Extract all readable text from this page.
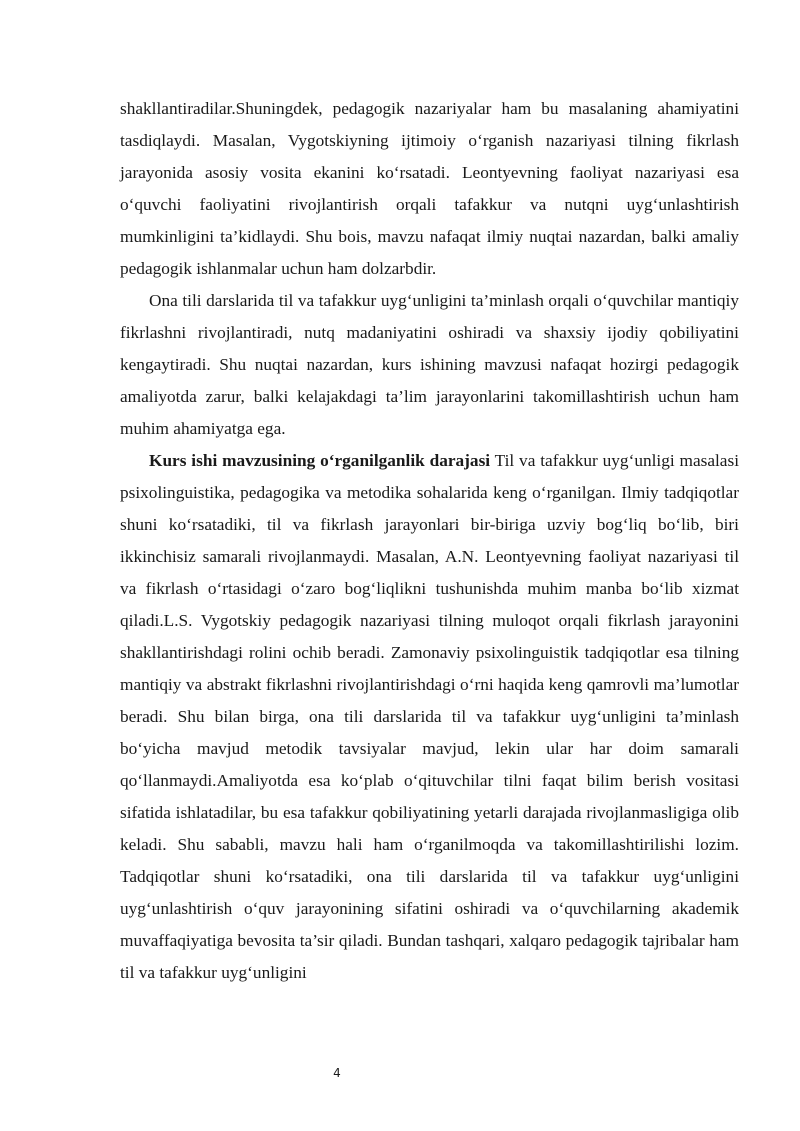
shakllantiradilar.Shuningdek, pedagogik nazariyalar ham bu masalaning ahamiyatini tasdiqlaydi. Masalan, Vygotskiyning ijtimoiy o‘rganish nazariyasi tilning fikrlash jarayonida asosiy vosita ekanini ko‘rsatadi. Leontyevning faoliyat nazariyasi esa o‘quvchi faoliyatini rivojlantirish orqali tafakkur va nutqni uyg‘unlashtirish mumkinligini ta’kidlaydi. Shu bois, mavzu nafaqat ilmiy nuqtai nazardan, balki amaliy pedagogik ishlanmalar uchun ham dolzarbdir.

Ona tili darslarida til va tafakkur uyg‘unligini ta’minlash orqali o‘quvchilar mantiqiy fikrlashni rivojlantiradi, nutq madaniyatini oshiradi va shaxsiy ijodiy qobiliyatini kengaytiradi. Shu nuqtai nazardan, kurs ishining mavzusi nafaqat hozirgi pedagogik amaliyotda zarur, balki kelajakdagi ta’lim jarayonlarini takomillashtirish uchun ham muhim ahamiyatga ega.

Kurs ishi mavzusining o‘rganilganlik darajasi Til va tafakkur uyg‘unligi masalasi psixolinguistika, pedagogika va metodika sohalarida keng o‘rganilgan. Ilmiy tadqiqotlar shuni ko‘rsatadiki, til va fikrlash jarayonlari bir-biriga uzviy bog‘liq bo‘lib, biri ikkinchisiz samarali rivojlanmaydi. Masalan, A.N. Leontyevning faoliyat nazariyasi til va fikrlash o‘rtasidagi o‘zaro bog‘liqlikni tushunishda muhim manba bo‘lib xizmat qiladi.L.S. Vygotskiy pedagogik nazariyasi tilning muloqot orqali fikrlash jarayonini shakllantirishdagi rolini ochib beradi. Zamonaviy psixolinguistik tadqiqotlar esa tilning mantiqiy va abstrakt fikrlashni rivojlantirishdagi o‘rni haqida keng qamrovli ma’lumotlar beradi. Shu bilan birga, ona tili darslarida til va tafakkur uyg‘unligini ta’minlash bo‘yicha mavjud metodik tavsiyalar mavjud, lekin ular har doim samarali qo‘llanmaydi.Amaliyotda esa ko‘plab o‘qituvchilar tilni faqat bilim berish vositasi sifatida ishlatadilar, bu esa tafakkur qobiliyatining yetarli darajada rivojlanmasligiga olib keladi. Shu sababli, mavzu hali ham o‘rganilmoqda va takomillashtirilishi lozim. Tadqiqotlar shuni ko‘rsatadiki, ona tili darslarida til va tafakkur uyg‘unligini uyg‘unlashtirish o‘quv jarayonining sifatini oshiradi va o‘quvchilarning akademik muvaffaqiyatiga bevosita ta’sir qiladi. Bundan tashqari, xalqaro pedagogik tajribalar ham til va tafakkur uyg‘unligini

4
